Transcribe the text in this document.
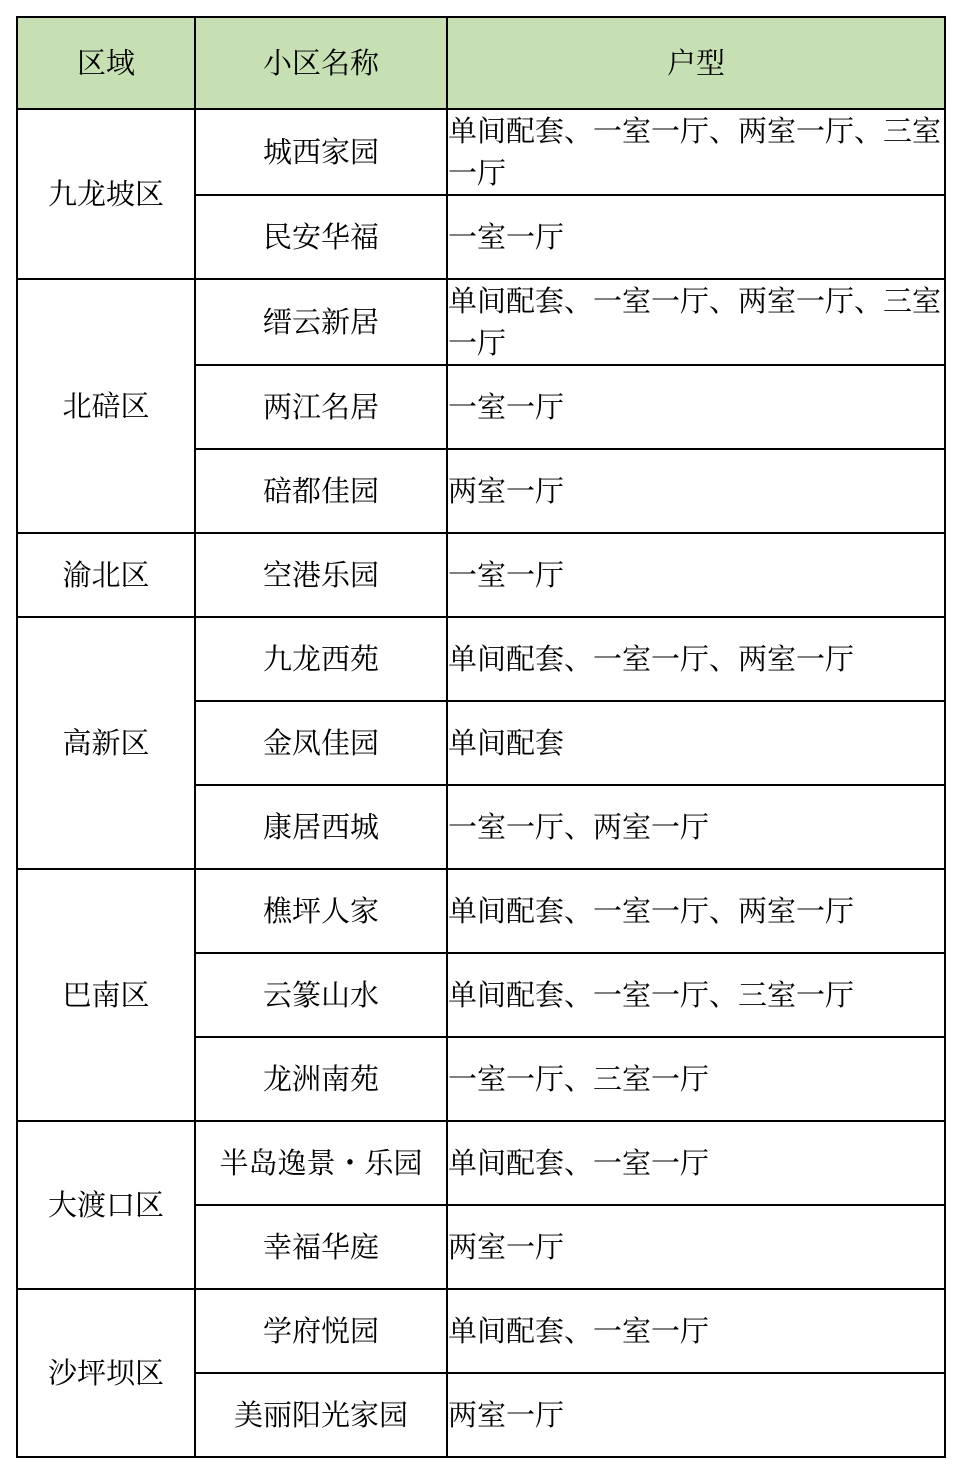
区域	小区名称	户型
九龙坡区	城西家园	单间配套、一室一厅、两室一厅、三室一厅
	民安华福	一室一厅
北碚区	缙云新居	单间配套、一室一厅、两室一厅、三室一厅
	两江名居	一室一厅
	碚都佳园	两室一厅
渝北区	空港乐园	一室一厅
高新区	九龙西苑	单间配套、一室一厅、两室一厅
	金凤佳园	单间配套
	康居西城	一室一厅、两室一厅
巴南区	樵坪人家	单间配套、一室一厅、两室一厅
	云篆山水	单间配套、一室一厅、三室一厅
	龙洲南苑	一室一厅、三室一厅
大渡口区	半岛逸景・乐园	单间配套、一室一厅
	幸福华庭	两室一厅
沙坪坝区	学府悦园	单间配套、一室一厅
	美丽阳光家园	两室一厅
